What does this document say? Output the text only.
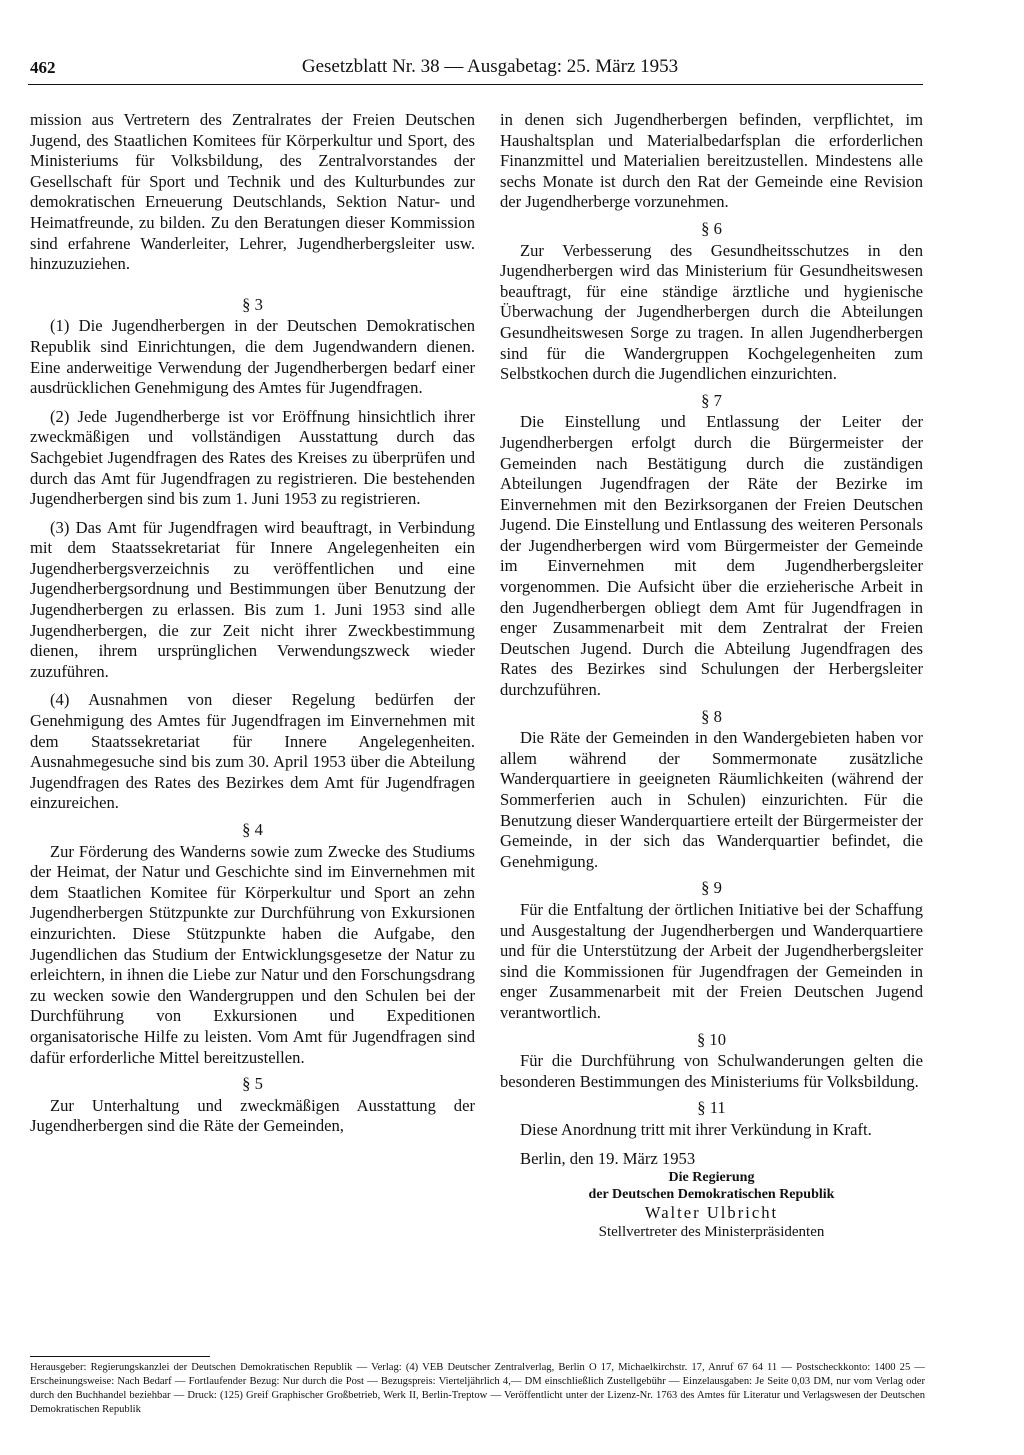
462	Gesetzblatt Nr. 38 — Ausgabetag: 25. März 1953

mission aus Vertretern des Zentralrates der Freien Deutschen Jugend, des Staatlichen Komitees für Körperkultur und Sport, des Ministeriums für Volksbildung, des Zentralvorstandes der Gesellschaft für Sport und Technik und des Kulturbundes zur demokratischen Erneuerung Deutschlands, Sektion Natur- und Heimatfreunde, zu bilden. Zu den Beratungen dieser Kommission sind erfahrene Wanderleiter, Lehrer, Jugendherbergsleiter usw. hinzuzuziehen.

§ 3

(1) Die Jugendherbergen in der Deutschen Demokratischen Republik sind Einrichtungen, die dem Jugendwandern dienen. Eine anderweitige Verwendung der Jugendherbergen bedarf einer ausdrücklichen Genehmigung des Amtes für Jugendfragen.

(2) Jede Jugendherberge ist vor Eröffnung hinsichtlich ihrer zweckmäßigen und vollständigen Ausstattung durch das Sachgebiet Jugendfragen des Rates des Kreises zu überprüfen und durch das Amt für Jugendfragen zu registrieren. Die bestehenden Jugendherbergen sind bis zum 1. Juni 1953 zu registrieren.

(3) Das Amt für Jugendfragen wird beauftragt, in Verbindung mit dem Staatssekretariat für Innere Angelegenheiten ein Jugendherbergsverzeichnis zu veröffentlichen und eine Jugendherbergsordnung und Bestimmungen über Benutzung der Jugendherbergen zu erlassen. Bis zum 1. Juni 1953 sind alle Jugendherbergen, die zur Zeit nicht ihrer Zweckbestimmung dienen, ihrem ursprünglichen Verwendungszweck wieder zuzuführen.

(4) Ausnahmen von dieser Regelung bedürfen der Genehmigung des Amtes für Jugendfragen im Einvernehmen mit dem Staatssekretariat für Innere Angelegenheiten. Ausnahmegesuche sind bis zum 30. April 1953 über die Abteilung Jugendfragen des Rates des Bezirkes dem Amt für Jugendfragen einzureichen.

§ 4

Zur Förderung des Wanderns sowie zum Zwecke des Studiums der Heimat, der Natur und Geschichte sind im Einvernehmen mit dem Staatlichen Komitee für Körperkultur und Sport an zehn Jugendherbergen Stützpunkte zur Durchführung von Exkursionen einzurichten. Diese Stützpunkte haben die Aufgabe, den Jugendlichen das Studium der Entwicklungsgesetze der Natur zu erleichtern, in ihnen die Liebe zur Natur und den Forschungsdrang zu wecken sowie den Wandergruppen und den Schulen bei der Durchführung von Exkursionen und Expeditionen organisatorische Hilfe zu leisten. Vom Amt für Jugendfragen sind dafür erforderliche Mittel bereitzustellen.

§ 5

Zur Unterhaltung und zweckmäßigen Ausstattung der Jugendherbergen sind die Räte der Gemeinden,

in denen sich Jugendherbergen befinden, verpflichtet, im Haushaltsplan und Materialbedarfsplan die erforderlichen Finanzmittel und Materialien bereitzustellen. Mindestens alle sechs Monate ist durch den Rat der Gemeinde eine Revision der Jugendherberge vorzunehmen.

§ 6

Zur Verbesserung des Gesundheitsschutzes in den Jugendherbergen wird das Ministerium für Gesundheitswesen beauftragt, für eine ständige ärztliche und hygienische Überwachung der Jugendherbergen durch die Abteilungen Gesundheitswesen Sorge zu tragen. In allen Jugendherbergen sind für die Wandergruppen Kochgelegenheiten zum Selbstkochen durch die Jugendlichen einzurichten.

§ 7

Die Einstellung und Entlassung der Leiter der Jugendherbergen erfolgt durch die Bürgermeister der Gemeinden nach Bestätigung durch die zuständigen Abteilungen Jugendfragen der Räte der Bezirke im Einvernehmen mit den Bezirksorganen der Freien Deutschen Jugend. Die Einstellung und Entlassung des weiteren Personals der Jugendherbergen wird vom Bürgermeister der Gemeinde im Einvernehmen mit dem Jugendherbergsleiter vorgenommen. Die Aufsicht über die erzieherische Arbeit in den Jugendherbergen obliegt dem Amt für Jugendfragen in enger Zusammenarbeit mit dem Zentralrat der Freien Deutschen Jugend. Durch die Abteilung Jugendfragen des Rates des Bezirkes sind Schulungen der Herbergsleiter durchzuführen.

§ 8

Die Räte der Gemeinden in den Wandergebieten haben vor allem während der Sommermonate zusätzliche Wanderquartiere in geeigneten Räumlichkeiten (während der Sommerferien auch in Schulen) einzurichten. Für die Benutzung dieser Wanderquartiere erteilt der Bürgermeister der Gemeinde, in der sich das Wanderquartier befindet, die Genehmigung.

§ 9

Für die Entfaltung der örtlichen Initiative bei der Schaffung und Ausgestaltung der Jugendherbergen und Wanderquartiere und für die Unterstützung der Arbeit der Jugendherbergsleiter sind die Kommissionen für Jugendfragen der Gemeinden in enger Zusammenarbeit mit der Freien Deutschen Jugend verantwortlich.

§ 10

Für die Durchführung von Schulwanderungen gelten die besonderen Bestimmungen des Ministeriums für Volksbildung.

§ 11

Diese Anordnung tritt mit ihrer Verkündung in Kraft.

Berlin, den 19. März 1953

Die Regierung
der Deutschen Demokratischen Republik
Walter Ulbricht
Stellvertreter des Ministerpräsidenten
Herausgeber: Regierungskanzlei der Deutschen Demokratischen Republik — Verlag: (4) VEB Deutscher Zentralverlag, Berlin O 17, Michaelkirchstr. 17, Anruf 67 64 11 — Postscheckkonto: 1400 25 — Erscheinungsweise: Nach Bedarf — Fortlaufender Bezug: Nur durch die Post — Bezugspreis: Vierteljährlich 4,— DM einschließlich Zustellgebühr — Einzelausgaben: Je Seite 0,03 DM, nur vom Verlag oder durch den Buchhandel beziehbar — Druck: (125) Greif Graphischer Großbetrieb, Werk II, Berlin-Treptow — Veröffentlicht unter der Lizenz-Nr. 1763 des Amtes für Literatur und Verlagswesen der Deutschen Demokratischen Republik
